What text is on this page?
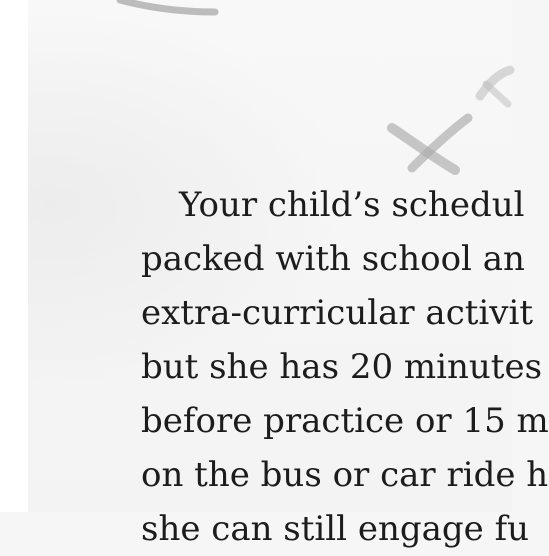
Your child’s schedul
packed with school an
extra-curricular activit
but she has 20 minutes
before practice or 15 m
on the bus or car ride h
she can still engage fu
